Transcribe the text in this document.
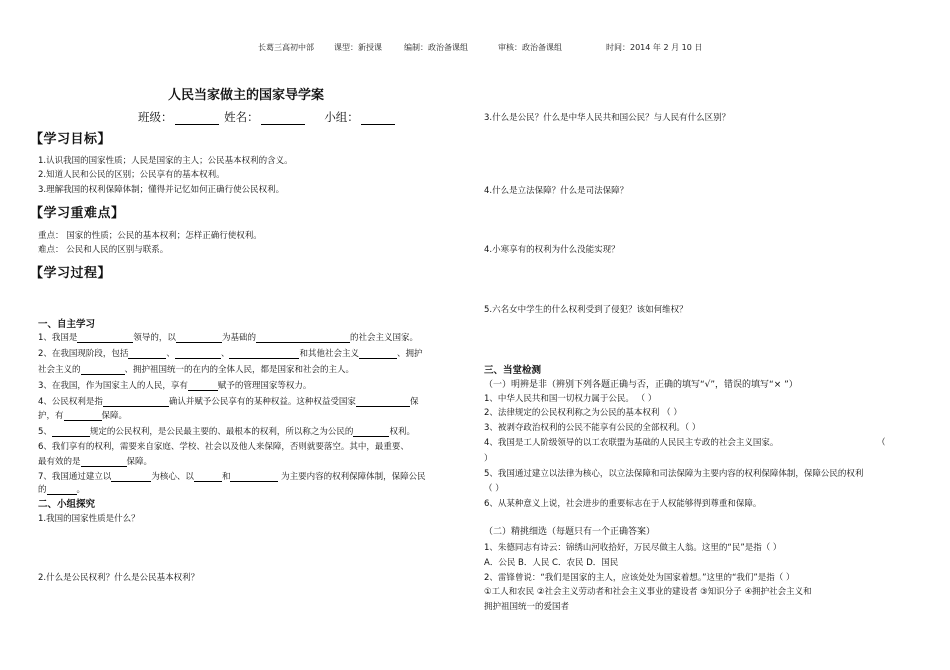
长葛三高初中部	课型：新授课	编制：政治备课组	审核：政治备课组	时间：2014 年 2 月 10 日
人民当家做主的国家导学案
班级：	姓名：	小组：
【学习目标】
1.认识我国的国家性质；人民是国家的主人；公民基本权利的含义。
2.知道人民和公民的区别；公民享有的基本权利。
3.理解我国的权利保障体制；懂得并记忆如何正确行使公民权利。
【学习重难点】
重点： 国家的性质；公民的基本权利；怎样正确行使权利。
难点： 公民和人民的区别与联系。
【学习过程】
一、自主学习
1、我国是	领导的，以	为基础的	的社会主义国家。
2、在我国现阶段，包括	、	、	和其他社会主义	、拥护
社会主义的	、拥护祖国统一的在内的全体人民，都是国家和社会的主人。
3、在我国，作为国家主人的人民，享有	赋予的管理国家等权力。
4、公民权利是指	确认并赋予公民享有的某种权益。这种权益受国家	保
护，有	保障。
5、	规定的公民权利，是公民最主要的、最根本的权利，所以称之为公民的	权利。
6、我们享有的权利，需要来自家庭、学校、社会以及他人来保障，否则就要落空。其中，最重要、
最有效的是	保障。
7、我国通过建立以	为核心、以	和	为主要内容的权利保障体制，保障公民
的	。
二、小组探究
1.我国的国家性质是什么？
2.什么是公民权利？什么是公民基本权利？
3.什么是公民？什么是中华人民共和国公民？与人民有什么区别？
4.什么是立法保障？什么是司法保障？
4.小寒享有的权利为什么没能实现？
5.六名女中学生的什么权利受到了侵犯？该如何维权？
三、当堂检测
（一）明辨是非（辨别下列各题正确与否，正确的填写“√”，错误的填写“× ”）
1、中华人民共和国一切权力属于公民。 （ ）
2、法律规定的公民权利称之为公民的基本权利 （ ）
3、被剥夺政治权利的公民不能享有公民的全部权利。（ ）
4、我国是工人阶级领导的以工农联盟为基础的人民民主专政的社会主义国家。	（
）
5、我国通过建立以法律为核心，以立法保障和司法保障为主要内容的权利保障体制，保障公民的权利
（ ）
6、从某种意义上说，社会进步的重要标志在于人权能够得到尊重和保障。
（二）精挑细选（每题只有一个正确答案）
1、朱德同志有诗云：锦绣山河收拾好，万民尽做主人翁。这里的“民”是指（ ）
A．公民 B．人民 C．农民 D．国民
2、雷锋曾说：“我们是国家的主人，应该处处为国家着想。”这里的“我们”是指（ ）
①工人和农民 ②社会主义劳动者和社会主义事业的建设者 ③知识分子 ④拥护社会主义和
拥护祖国统一的爱国者
